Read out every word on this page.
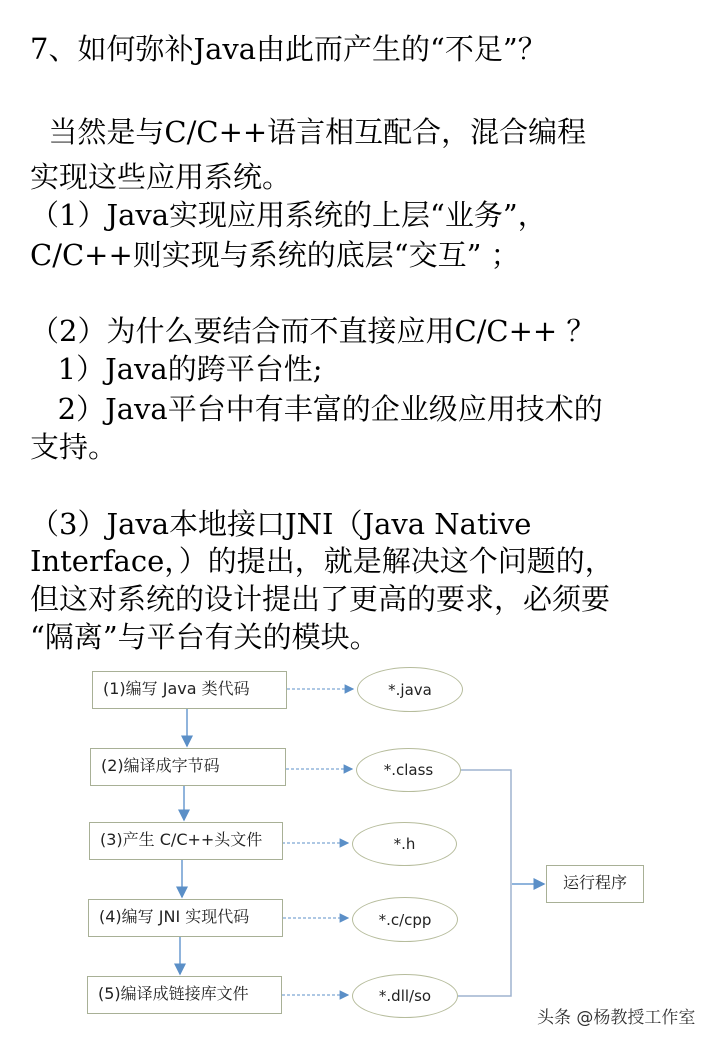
7、如何弥补Java由此而产生的“不足”？
当然是与C/C++语言相互配合，混合编程
实现这些应用系统。
（1）Java实现应用系统的上层“业务”，
C/C++则实现与系统的底层“交互” ；
（2）为什么要结合而不直接应用C/C++ ？
1）Java的跨平台性;
2）Java平台中有丰富的企业级应用技术的
支持。
（3）Java本地接口JNI（Java Native
Interface，）的提出，就是解决这个问题的，
但这对系统的设计提出了更高的要求，必须要
“隔离”与平台有关的模块。
(1)编写 Java 类代码
(2)编译成字节码
(3)产生 C/C++头文件
(4)编写 JNI 实现代码
(5)编译成链接库文件
*.java
*.class
*.h
*.c/cpp
*.dll/so
运行程序
头条 @杨教授工作室
